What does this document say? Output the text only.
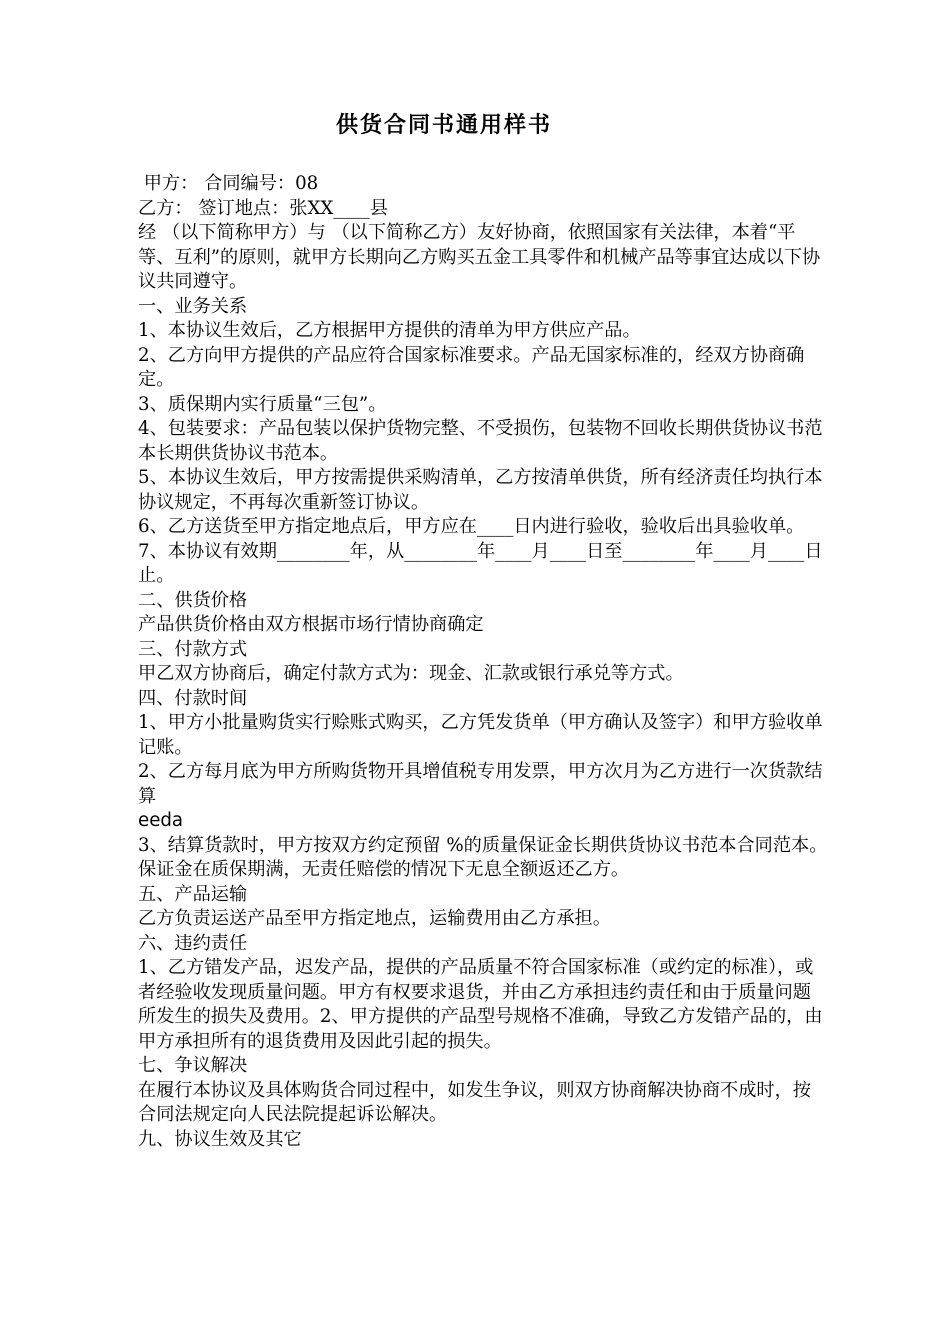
供货合同书通用样书

甲方： 合同编号：08

乙方： 签订地点：张XX____县

经 （以下简称甲方）与 （以下简称乙方）友好协商，依照国家有关法律，本着“平等、互利”的原则，就甲方长期向乙方购买五金工具零件和机械产品等事宜达成以下协议共同遵守。

一、业务关系

1、本协议生效后，乙方根据甲方提供的清单为甲方供应产品。

2、乙方向甲方提供的产品应符合国家标准要求。产品无国家标准的，经双方协商确定。

3、质保期内实行质量“三包”。

4、包装要求：产品包装以保护货物完整、不受损伤，包装物不回收长期供货协议书范本长期供货协议书范本。

5、本协议生效后，甲方按需提供采购清单，乙方按清单供货，所有经济责任均执行本协议规定，不再每次重新签订协议。

6、乙方送货至甲方指定地点后，甲方应在____日内进行验收，验收后出具验收单。

7、本协议有效期________年，从________年____月____日至________年____月____日止。

二、供货价格

产品供货价格由双方根据市场行情协商确定

三、付款方式

甲乙双方协商后，确定付款方式为：现金、汇款或银行承兑等方式。

四、付款时间

1、甲方小批量购货实行赊账式购买，乙方凭发货单（甲方确认及签字）和甲方验收单记账。

2、乙方每月底为甲方所购货物开具增值税专用发票，甲方次月为乙方进行一次货款结算

eeda

3、结算货款时，甲方按双方约定预留 %的质量保证金长期供货协议书范本合同范本。保证金在质保期满，无责任赔偿的情况下无息全额返还乙方。

五、产品运输

乙方负责运送产品至甲方指定地点，运输费用由乙方承担。

六、违约责任

1、乙方错发产品，迟发产品，提供的产品质量不符合国家标准（或约定的标准），或者经验收发现质量问题。甲方有权要求退货，并由乙方承担违约责任和由于质量问题所发生的损失及费用。2、甲方提供的产品型号规格不准确，导致乙方发错产品的，由甲方承担所有的退货费用及因此引起的损失。

七、争议解决

在履行本协议及具体购货合同过程中，如发生争议，则双方协商解决协商不成时，按合同法规定向人民法院提起诉讼解决。

九、协议生效及其它
